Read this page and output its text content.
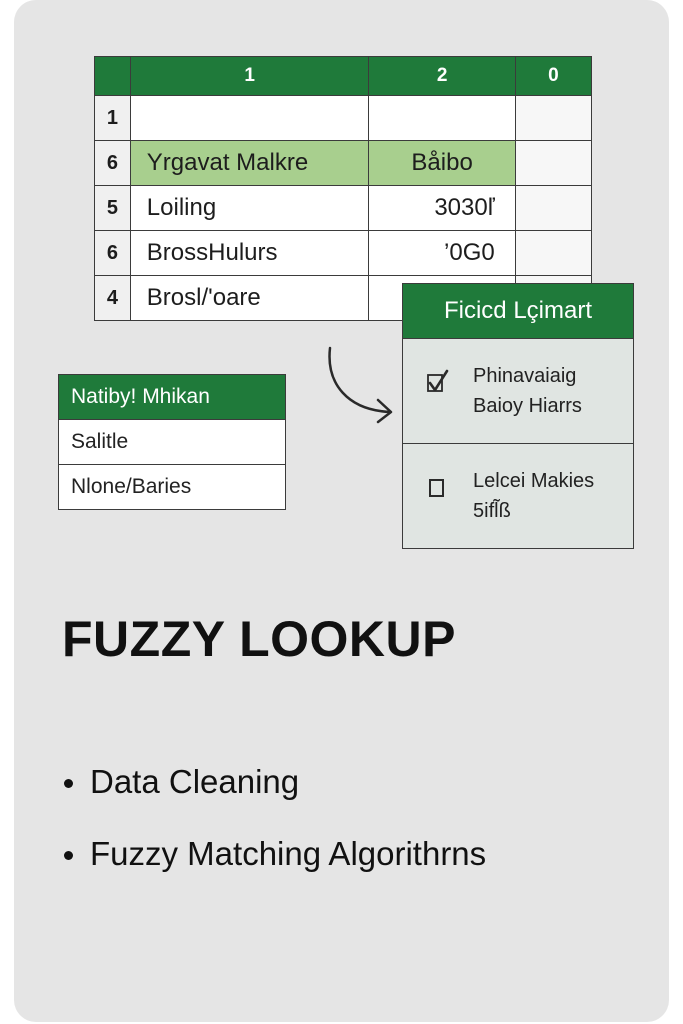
	1	2	0
1			
6	Yrgavat Malkre	Båibo	
5	Loiling	3030ľ	
6	BrossHulurs	’0G0	
4	Brosl/'oare		
Natiby! Mhikan
Salitle
Nlone/Baries
Ficicd Lçimart
Phinavaiaig
Baioy Hiarrs
Lelcei Makies
5ifl̃ß
FUZZY LOOKUP
Data Cleaning
Fuzzy Matching Algorithrns
